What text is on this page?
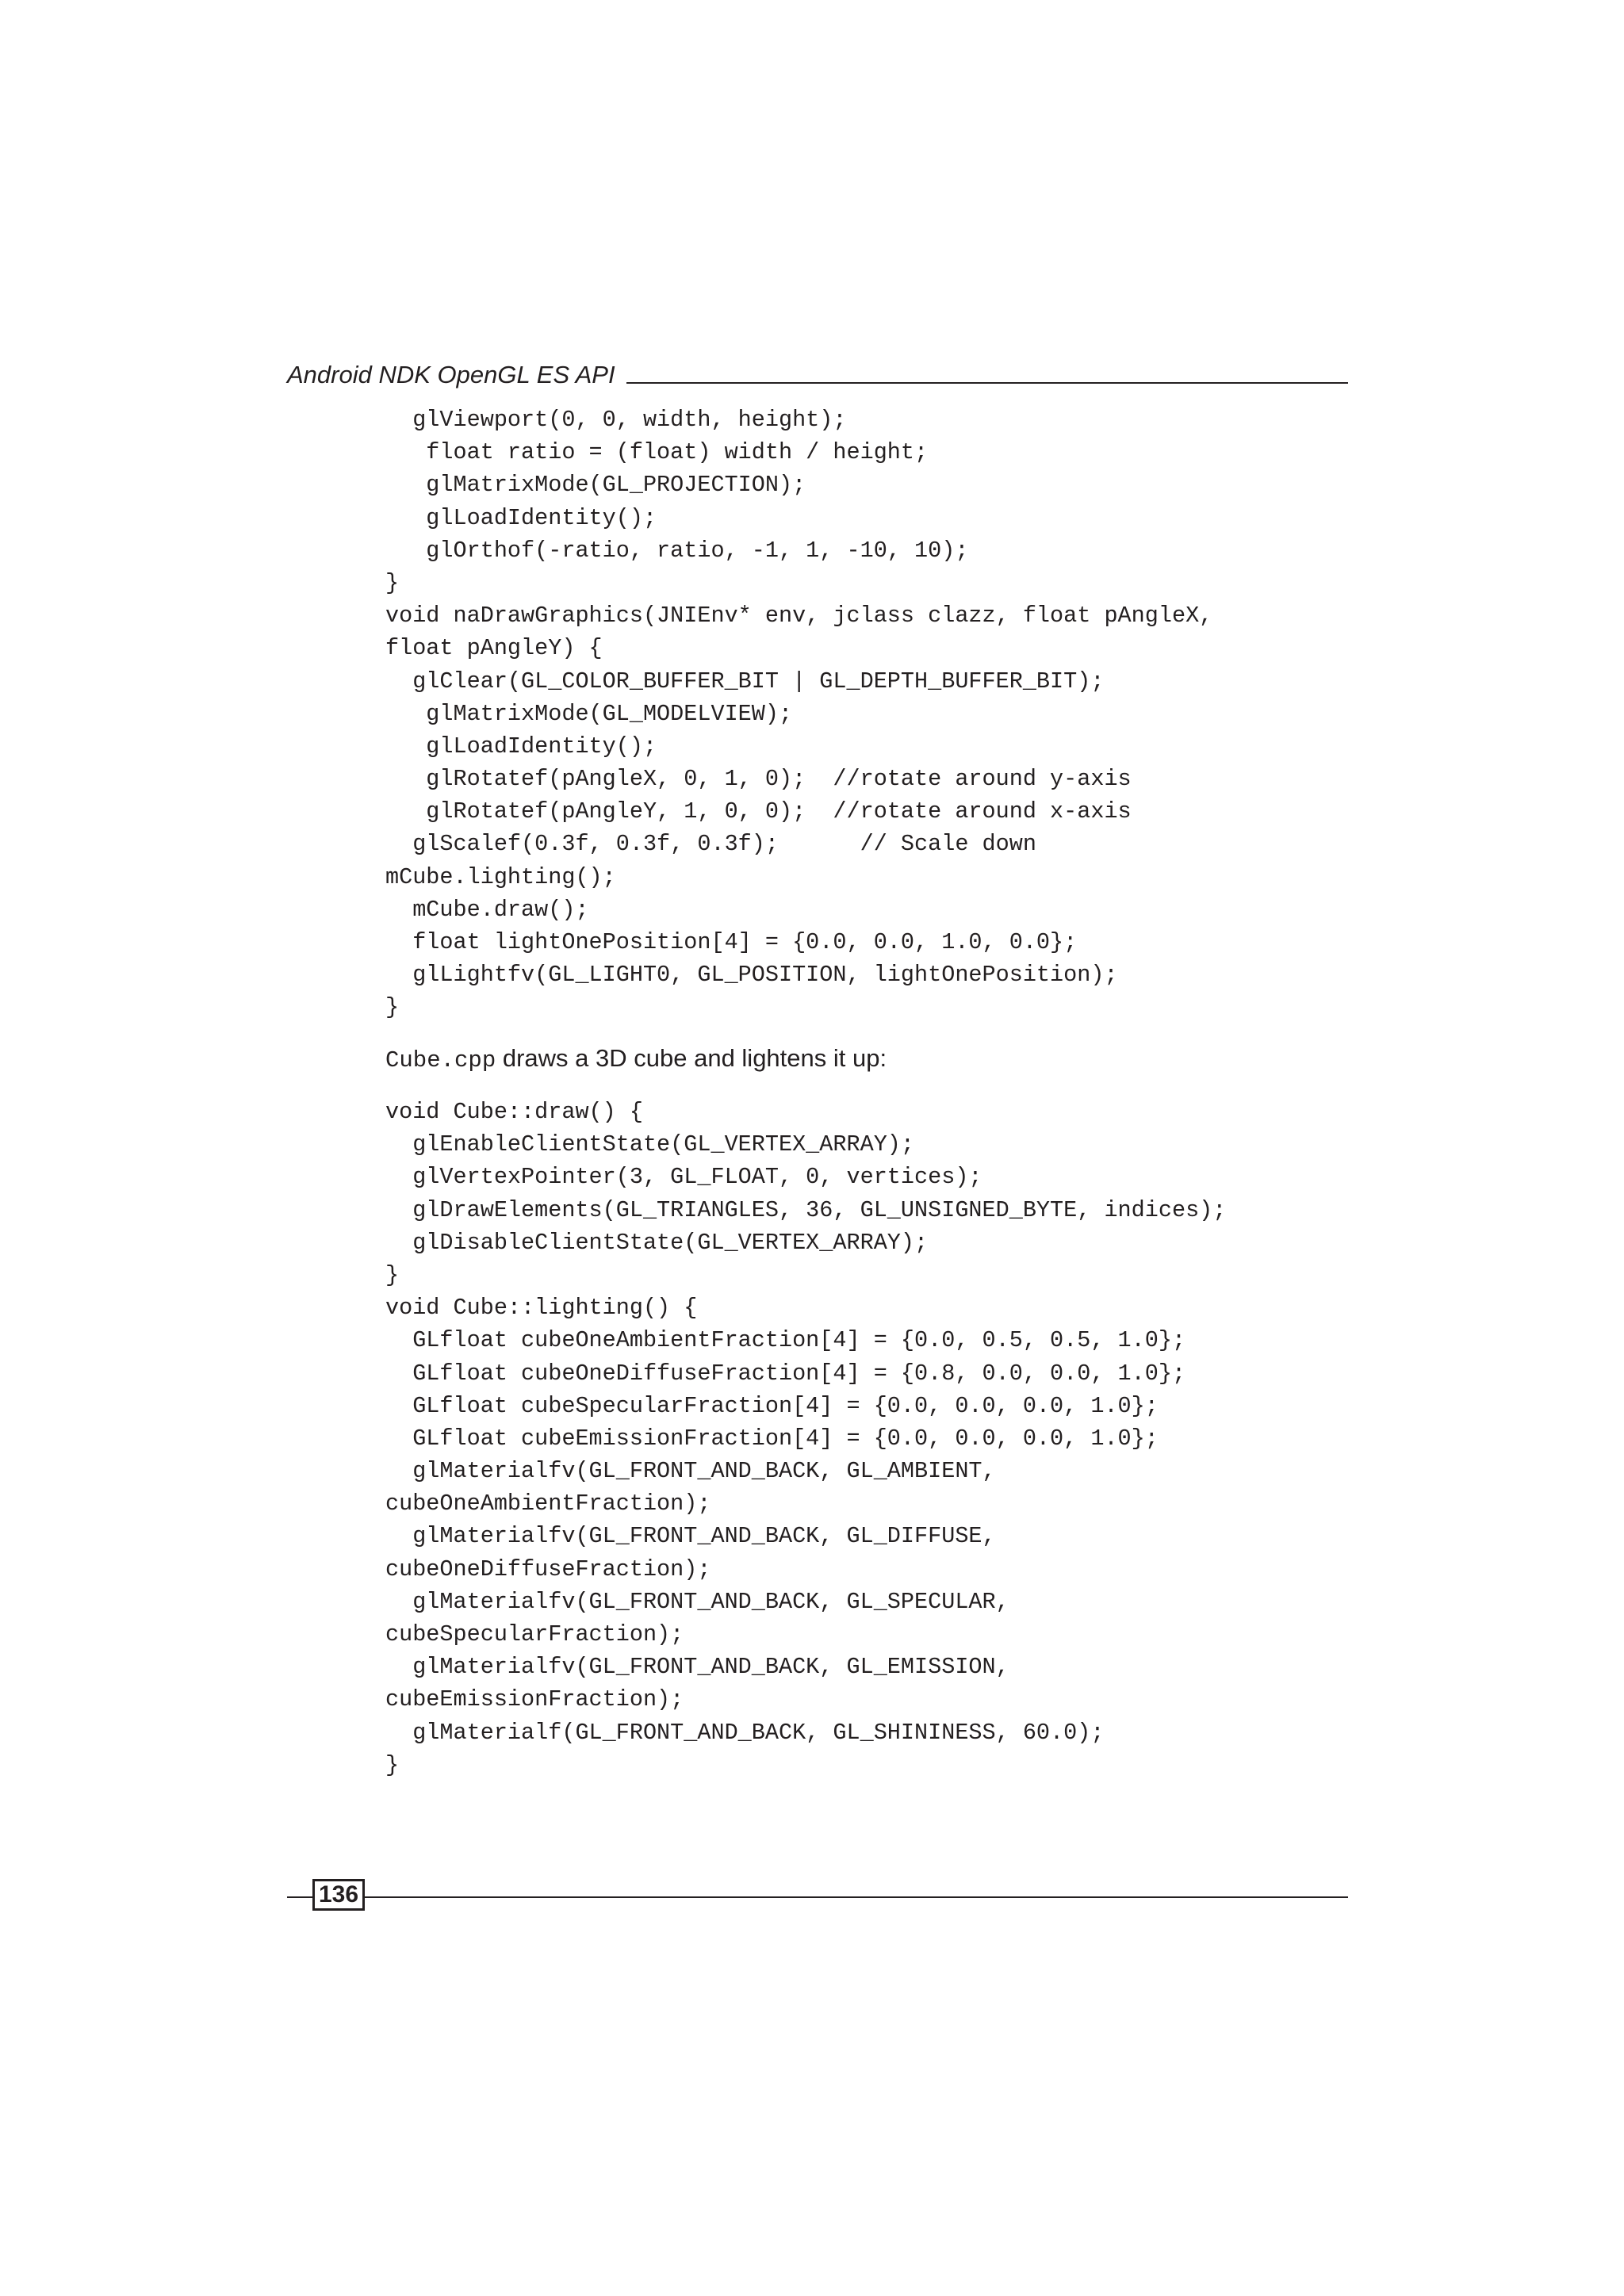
Android NDK OpenGL ES API
glViewport(0, 0, width, height);
float ratio = (float) width / height;
glMatrixMode(GL_PROJECTION);
glLoadIdentity();
glOrthof(-ratio, ratio, -1, 1, -10, 10);
}
void naDrawGraphics(JNIEnv* env, jclass clazz, float pAngleX,
float pAngleY) {
glClear(GL_COLOR_BUFFER_BIT | GL_DEPTH_BUFFER_BIT);
glMatrixMode(GL_MODELVIEW);
glLoadIdentity();
glRotatef(pAngleX, 0, 1, 0);  //rotate around y-axis
glRotatef(pAngleY, 1, 0, 0);  //rotate around x-axis
glScalef(0.3f, 0.3f, 0.3f);      // Scale down
mCube.lighting();
mCube.draw();
float lightOnePosition[4] = {0.0, 0.0, 1.0, 0.0};
glLightfv(GL_LIGHT0, GL_POSITION, lightOnePosition);
}
Cube.cpp draws a 3D cube and lightens it up:
void Cube::draw() {
glEnableClientState(GL_VERTEX_ARRAY);
glVertexPointer(3, GL_FLOAT, 0, vertices);
glDrawElements(GL_TRIANGLES, 36, GL_UNSIGNED_BYTE, indices);
glDisableClientState(GL_VERTEX_ARRAY);
}
void Cube::lighting() {
GLfloat cubeOneAmbientFraction[4] = {0.0, 0.5, 0.5, 1.0};
GLfloat cubeOneDiffuseFraction[4] = {0.8, 0.0, 0.0, 1.0};
GLfloat cubeSpecularFraction[4] = {0.0, 0.0, 0.0, 1.0};
GLfloat cubeEmissionFraction[4] = {0.0, 0.0, 0.0, 1.0};
glMaterialfv(GL_FRONT_AND_BACK, GL_AMBIENT,
cubeOneAmbientFraction);
glMaterialfv(GL_FRONT_AND_BACK, GL_DIFFUSE,
cubeOneDiffuseFraction);
glMaterialfv(GL_FRONT_AND_BACK, GL_SPECULAR,
cubeSpecularFraction);
glMaterialfv(GL_FRONT_AND_BACK, GL_EMISSION,
cubeEmissionFraction);
glMaterialf(GL_FRONT_AND_BACK, GL_SHININESS, 60.0);
}
136
